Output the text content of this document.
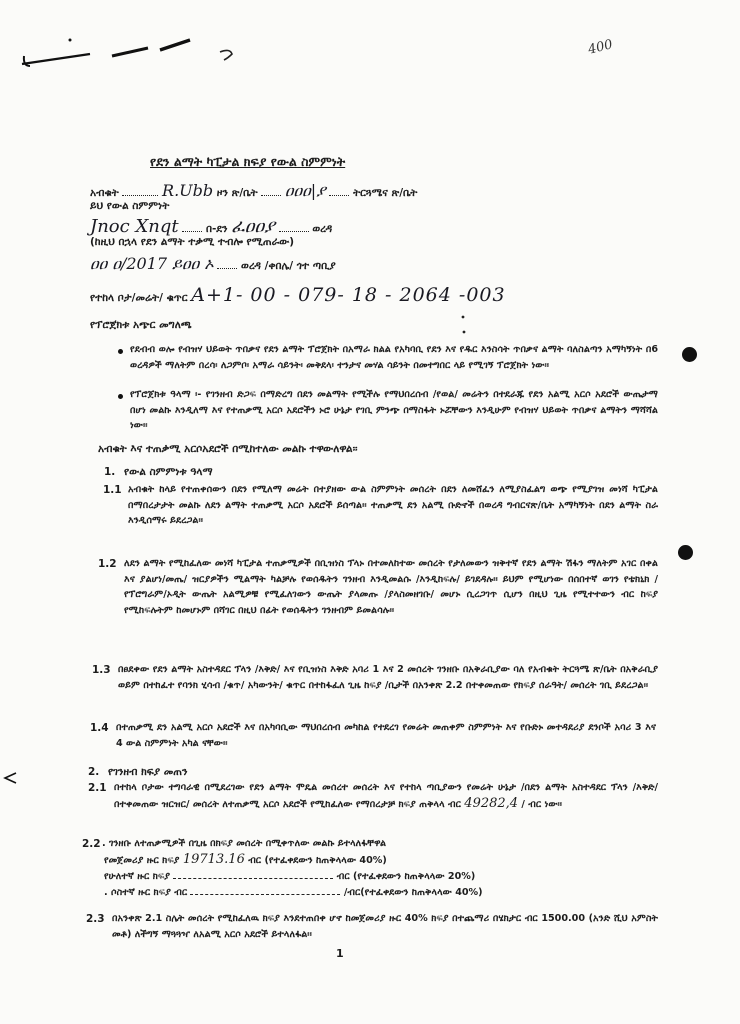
400
የደን ልማት ካፒታል ክፍያ የውል ስምምነት
አብቁት	R.Ubb ዞን ጽ/ቤት ዐዐዐ|ያ	ትርጓሜና ጽ/ቤት
ይህ የውል ስምምነት
Jnoc Xnqt	በ-ደን ፈዐዐያ	ወረዳ
(ከዚህ በኋላ የደን ልማት ተቃሚ ተብሎ የሚጠራው)
ዐዐ ዐ/2017 ይዐዐ ኦ	ወረዳ /ቀበሌ/ ጎተ ጣቢያ
የተከላ ቦታ/መሬት/ ቁጥር A+1- 00 - 079- 18 - 2064 -003
የፕሮጀክቱ አጭር መግለጫ
የደብብ ወሎ የብዝሃ ህይወት ጥበቃና የደን ልማት ፕሮጀክት በአማራ ክልል የአካባቢ የደን እና የዱር እንስሳት ጥበቃና ልማት ባለስልጣን አማካኝነት በ6 ወረዳዎች ማለትም በረሳ፡ ለጋምቦ፡ አማራ ሳይንት፡ መቅደላ፡ ተንታና መሃል ሳይንት በመተግበር ላይ የሚገኝ ፕሮጀክት ነው፡፡
የፕሮጀክቱ ዓላማ ፡- የገንዘብ ድጋፍ በማድረግ በደን መልማት የሚችሉ የማህበረሰብ /የወል/ መሬትን በተደራጁ የደን አልሚ አርሶ አደሮች ውጤታማ በሆነ መልኩ እንዲለማ እና የተጠቃሚ አርሶ አደሮችን ኑሮ ሁኔታ የገቢ ምንጭ በማስፋት ኑሯቸውን እንዲሁም የብዝሃ ህይወት ጥበቃና ልማትን ማሻሻል ነው፡፡
አብቁት እና ተጠቃሚ አርሶአደሮች በሚከተለው መልኩ ተዋውለዋል፡፡
1. የውል ስምምነቱ ዓላማ
1.1 አብቁት ከላይ የተጠቀሰውን በደን የሚለማ መሬት በተያዘው ውል ስምምነት መሰረት በደን ለመሸፈን ለሚያስፈልግ ወጭ የሚያገዝ መነሻ ካፒታል በማበረታታት መልኩ ለደን ልማት ተጠቃሚ አርሶ አደሮች ይሰጣል፡፡ ተጠቃሚ ደን አልሚ ቡድኖች በወረዳ ግብርናጽ/ቤት አማካኝነት በደን ልማት ስራ እንዲሰማሩ ይደረጋል፡፡
1.2 ለደን ልማት የሚከፈለው መነሻ ካፒታል ተጠቃሚዎች በቢዝነስ ፕላኑ በተመለከተው መሰረት የታለመውን ዝቅተኛ የደን ልማት ሽፋን ማለትም አገር በቀል እና ያልሆነ/መጤ/ ዝርያዎችን ሚልማት ካልቻሉ የወሰዱትን ገንዘብ እንዲመልሱ /እንዲከፍሉ/ ይገደዳሉ፡፡ ይህም የሚሆነው በሰበተኛ ወገን የቴክኒክ /የፕሮግራም/ኦዲት ውጤት አልሚዎቹ የሚፈለገውን ውጤት ያላመጡ /ያላስመዘገቡ/ መሆኑ ሲረጋገጥ ሲሆን በዚህ ጊዜ የሚተተውን ብር ከፍያ የሚከፍሉትም ከመሆኑም በሻገር በዚህ በፊት የወሰዱትን ገንዘብም ይመልሳሉ፡፡
1.3 በፀደቀው የደን ልማት አስተዳደር ፕላን /እቅድ/ እና የቢዝነስ እቅድ አባሪ 1 እና 2 መሰረት ገንዘቡ በአቅራቢያው ባለ የአብቁት ትርጓሜ ጽ/ቤት በአቅራቢያ ወይም በተከፈተ የባንክ ሂሳብ /ቁጥ/ አካውንት/ ቁጥር በተከፋፈለ ጊዜ ከፍያ /ቢታች በአንቀጽ 2.2 በተቀመጠው የክፍያ ሰራዓት/ መሰረት ገቢ ይደረጋል፡፡
1.4 በተጠቃሚ ደን አልሚ አርሶ አደሮች እና በአካባቢው ማህበረሰብ መካከል የተደረገ የመሬት መጠቀም ስምምነት እና የቡድኑ መተዳደሪያ ደንቦች አባሪ 3 እና 4 ውል ስምምነት አካል ናቸው፡፡
2. የገንዘብ ክፍያ መጠን
2.1 በተከላ ቦታው ተግባራዊ በሚደረገው የደን ልማት ሞዴል መሰረተ መሰረት እና የተከላ ጣቢያውን የመሬት ሁኔታ /በደን ልማት አስተዳደር ፕላን /እቅድ/ በተቀመጠው ዝርዝር/ መሰረት ለተጠቃሚ አርሶ አደሮች የሚከፈለው የማበረታቻ ክፍያ ጠቅላላ ብር 49282,4 / ብር ነው፡፡
2.2 . ገንዘቡ ለተጠቃሚዎች በጊዜ በክፍያ መሰረት በሚቀጥለው መልኩ ይተላለፋቸዋል
የመጀመሪያ ዙር ክፍያ 19713.16 ብር (የተፈቀደውን ከጠቅላላው 40%)
የሁለተኛ ዙር ክፍያ	ብር (የተፈቀደውን ከጠቅላላው 20%)
. ሶስተኛ ዙር ክፍያ ብር	/ብር(የተፈቀደውን ከጠቅላላው 40%)
2.3 በአንቀጽ 2.1 ስሌት መሰረት የሚከፈለዉ ክፍያ እንደተጠበቀ ሆኖ ከመጀመሪያ ዙር 40% ክፍያ በተጨማሪ በሄክታር ብር 1500.00 (አንድ ሺህ አምስት መቶ) ለችግኝ ማጓጓዣ ለአልሚ አርሶ አደሮች ይተላለፋል፡፡
1
